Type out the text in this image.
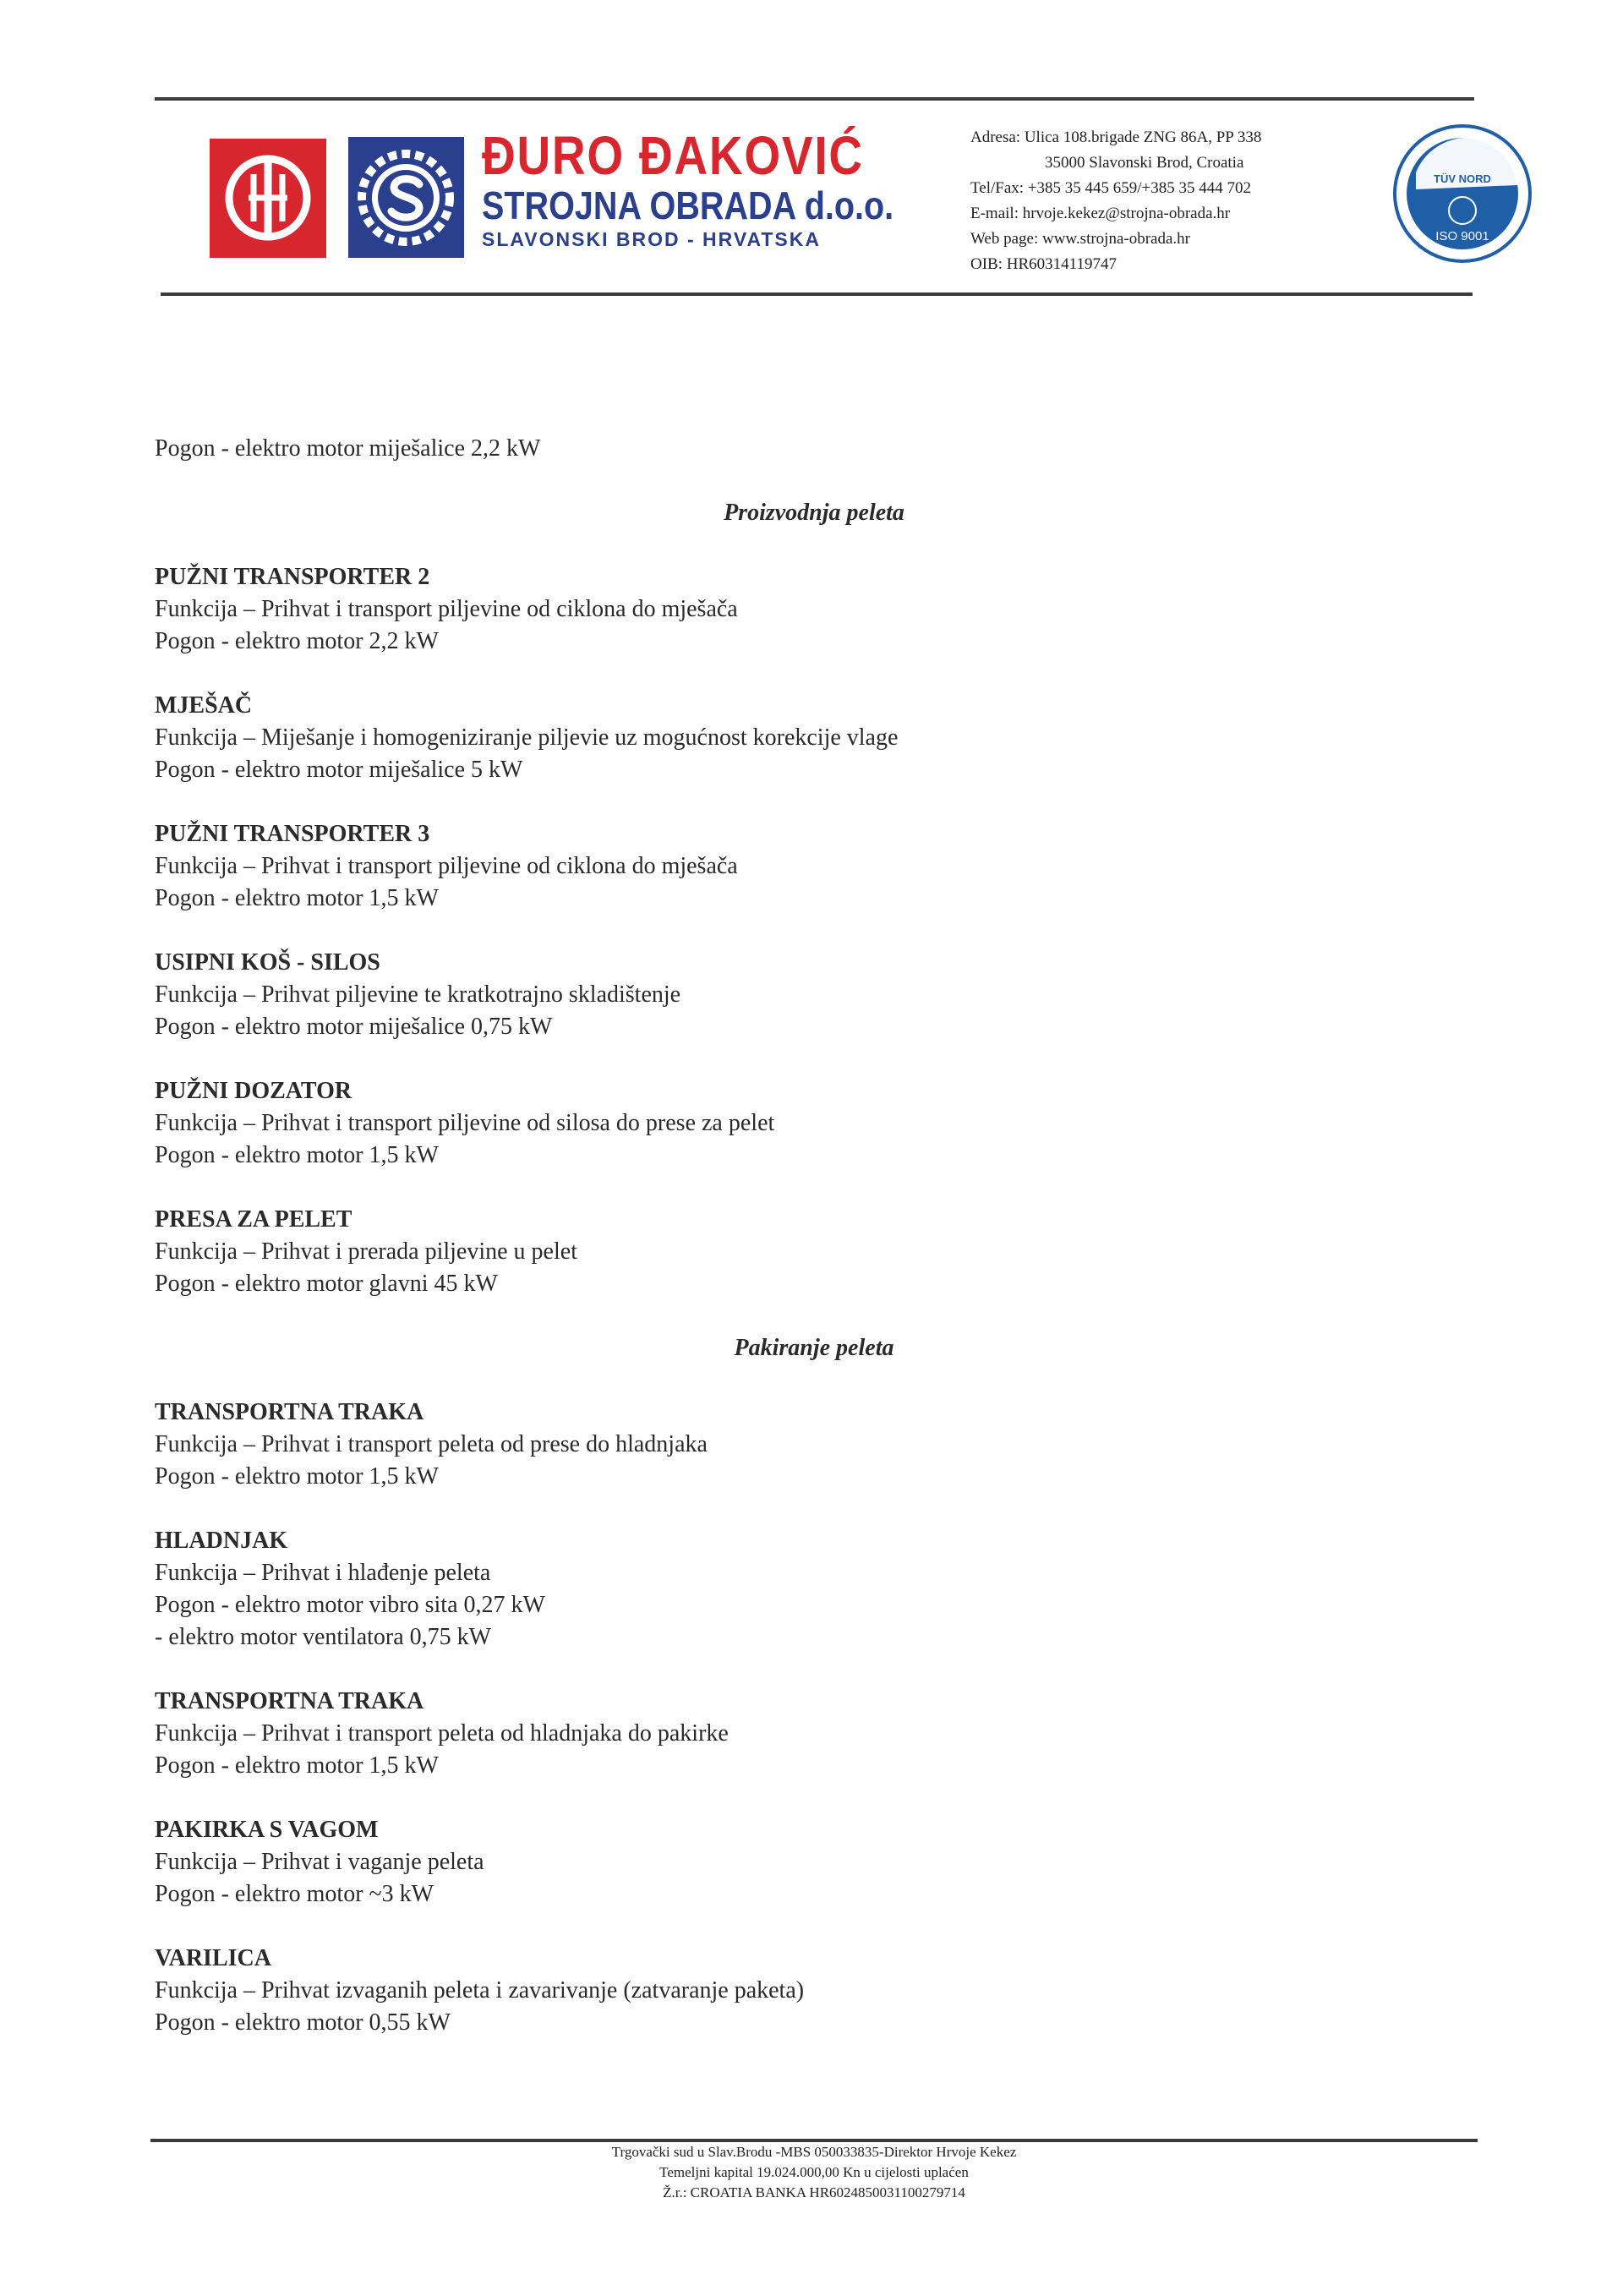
ĐURO ĐAKOVIĆ
STROJNA OBRADA d.o.o.
SLAVONSKI BROD - HRVATSKA
Adresa: Ulica 108.brigade ZNG 86A, PP 338
35000 Slavonski Brod, Croatia
Tel/Fax: +385 35 445 659/+385 35 444 702
E-mail: hrvoje.kekez@strojna-obrada.hr
Web page: www.strojna-obrada.hr
OIB: HR60314119747
TÜV NORD
ISO 9001
Pogon - elektro motor miješalice 2,2 kW
Proizvodnja peleta
PUŽNI TRANSPORTER 2
Funkcija – Prihvat i transport piljevine od ciklona do mješača
Pogon - elektro motor 2,2 kW
MJEŠAČ
Funkcija – Miješanje i homogeniziranje piljevie uz mogućnost korekcije vlage
Pogon - elektro motor miješalice 5 kW
PUŽNI TRANSPORTER 3
Funkcija – Prihvat i transport piljevine od ciklona do mješača
Pogon - elektro motor 1,5 kW
USIPNI KOŠ - SILOS
Funkcija – Prihvat piljevine te kratkotrajno skladištenje
Pogon - elektro motor miješalice 0,75 kW
PUŽNI DOZATOR
Funkcija – Prihvat i transport piljevine od silosa do prese za pelet
Pogon - elektro motor 1,5 kW
PRESA ZA PELET
Funkcija – Prihvat i prerada piljevine u pelet
Pogon - elektro motor glavni 45 kW
Pakiranje peleta
TRANSPORTNA TRAKA
Funkcija – Prihvat i transport peleta od prese do hladnjaka
Pogon - elektro motor 1,5 kW
HLADNJAK
Funkcija – Prihvat i hlađenje peleta
Pogon - elektro motor vibro sita 0,27 kW
- elektro motor ventilatora 0,75 kW
TRANSPORTNA TRAKA
Funkcija – Prihvat i transport peleta od hladnjaka do pakirke
Pogon - elektro motor 1,5 kW
PAKIRKA S VAGOM
Funkcija – Prihvat i vaganje peleta
Pogon - elektro motor ~3 kW
VARILICA
Funkcija – Prihvat izvaganih peleta i zavarivanje (zatvaranje paketa)
Pogon - elektro motor 0,55 kW
Trgovački sud u Slav.Brodu -MBS 050033835-Direktor Hrvoje Kekez
Temeljni kapital 19.024.000,00 Kn u cijelosti uplaćen
Ž.r.: CROATIA BANKA HR6024850031100279714
